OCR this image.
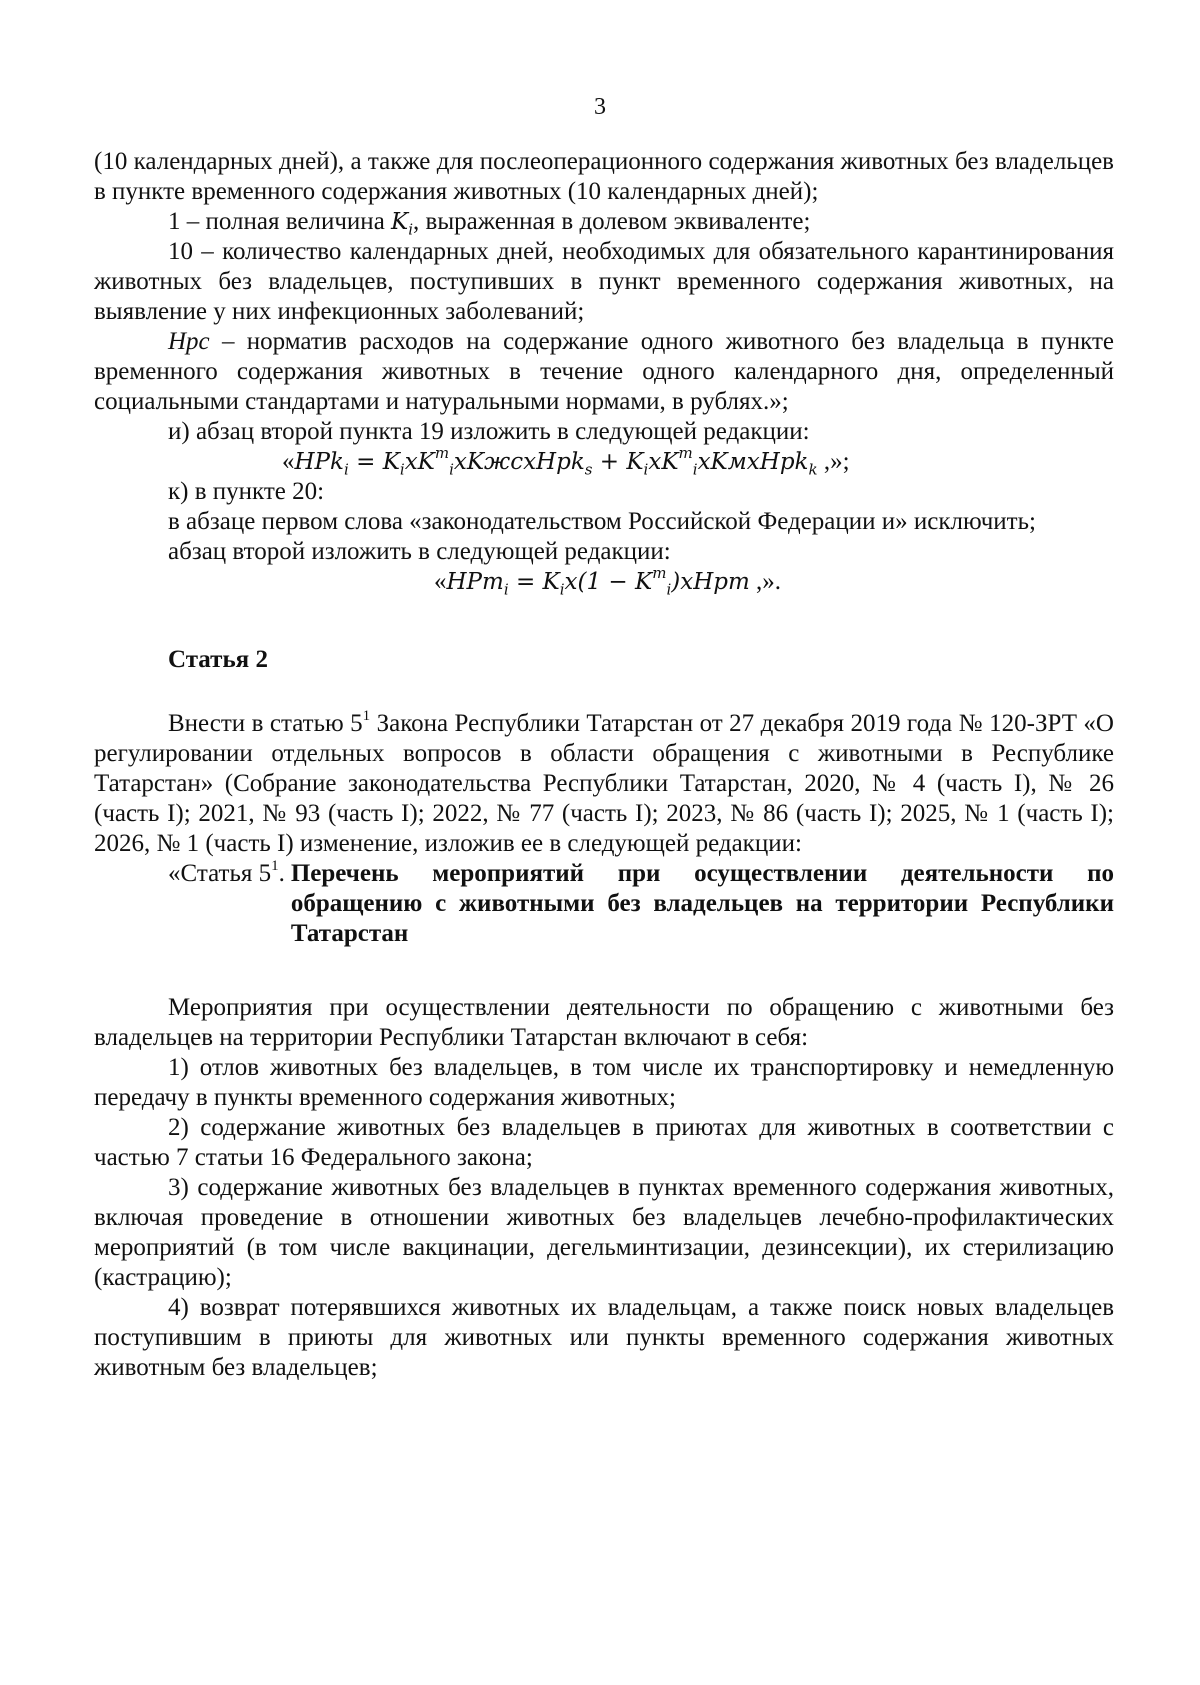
3

(10 календарных дней), а также для послеоперационного содержания животных без владельцев в пункте временного содержания животных (10 календарных дней);

1 – полная величина $K_i$, выраженная в долевом эквиваленте;

10 – количество календарных дней, необходимых для обязательного карантинирования животных без владельцев, поступивших в пункт временного содержания животных, на выявление у них инфекционных заболеваний;

Нрс – норматив расходов на содержание одного животного без владельца в пункте временного содержания животных в течение одного календарного дня, определенный социальными стандартами и натуральными нормами, в рублях.»;

и) абзац второй пункта 19 изложить в следующей редакции:

«$HPk_i = K_ixK^m_ixKжсxHpk_s$ + $K_ixK^m_ixKмxHpk_k$ ,»;

к) в пункте 20:

в абзаце первом слова «законодательством Российской Федерации и» исключить;

абзац второй изложить в следующей редакции:

«$HPm_i = K_ix(1$ − $K^m_i)xHpm$ ,».

Статья 2

Внести в статью $5^1$ Закона Республики Татарстан от 27 декабря 2019 года № 120-ЗРТ «О регулировании отдельных вопросов в области обращения с животными в Республике Татарстан» (Собрание законодательства Республики Татарстан, 2020, № 4 (часть I), № 26 (часть I); 2021, № 93 (часть I); 2022, № 77 (часть I); 2023, № 86 (часть I); 2025, № 1 (часть I); 2026, № 1 (часть I) изменение, изложив ее в следующей редакции:

«Статья $5^1$. Перечень мероприятий при осуществлении деятельности по обращению с животными без владельцев на территории Республики Татарстан

Мероприятия при осуществлении деятельности по обращению с животными без владельцев на территории Республики Татарстан включают в себя:

1) отлов животных без владельцев, в том числе их транспортировку и немедленную передачу в пункты временного содержания животных;

2) содержание животных без владельцев в приютах для животных в соответствии с частью 7 статьи 16 Федерального закона;

3) содержание животных без владельцев в пунктах временного содержания животных, включая проведение в отношении животных без владельцев лечебно-профилактических мероприятий (в том числе вакцинации, дегельминтизации, дезинсекции), их стерилизацию (кастрацию);

4) возврат потерявшихся животных их владельцам, а также поиск новых владельцев поступившим в приюты для животных или пункты временного содержания животных животным без владельцев;
